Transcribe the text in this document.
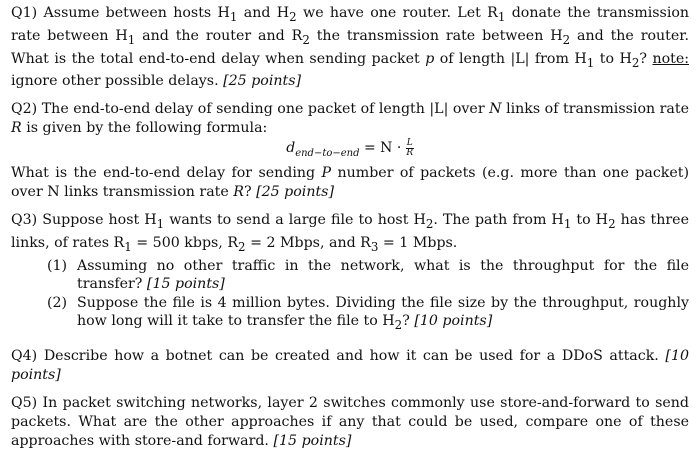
Q1) Assume between hosts $H_1$ and $H_2$ we have one router. Let $R_1$ donate the transmission rate between $H_1$ and the router and $R_2$ the transmission rate between $H_2$ and the router. What is the total end-to-end delay when sending packet p of length |L| from $H_1$ to $H_2$? note: ignore other possible delays. [25 points]

Q2) The end-to-end delay of sending one packet of length |L| over N links of transmission rate R is given by the following formula:

$d_{end-to-end} = N \cdot \frac{L}{R}$

What is the end-to-end delay for sending P number of packets (e.g. more than one packet) over N links transmission rate R? [25 points]

Q3) Suppose host $H_1$ wants to send a large file to host $H_2$. The path from $H_1$ to $H_2$ has three links, of rates $R_1 = 500$ kbps, $R_2 = 2$ Mbps, and $R_3 = 1$ Mbps.

(1) Assuming no other traffic in the network, what is the throughput for the file transfer? [15 points]
(2) Suppose the file is 4 million bytes. Dividing the file size by the throughput, roughly how long will it take to transfer the file to $H_2$? [10 points]

Q4) Describe how a botnet can be created and how it can be used for a DDoS attack. [10 points]

Q5) In packet switching networks, layer 2 switches commonly use store-and-forward to send packets. What are the other approaches if any that could be used, compare one of these approaches with store-and forward. [15 points]
